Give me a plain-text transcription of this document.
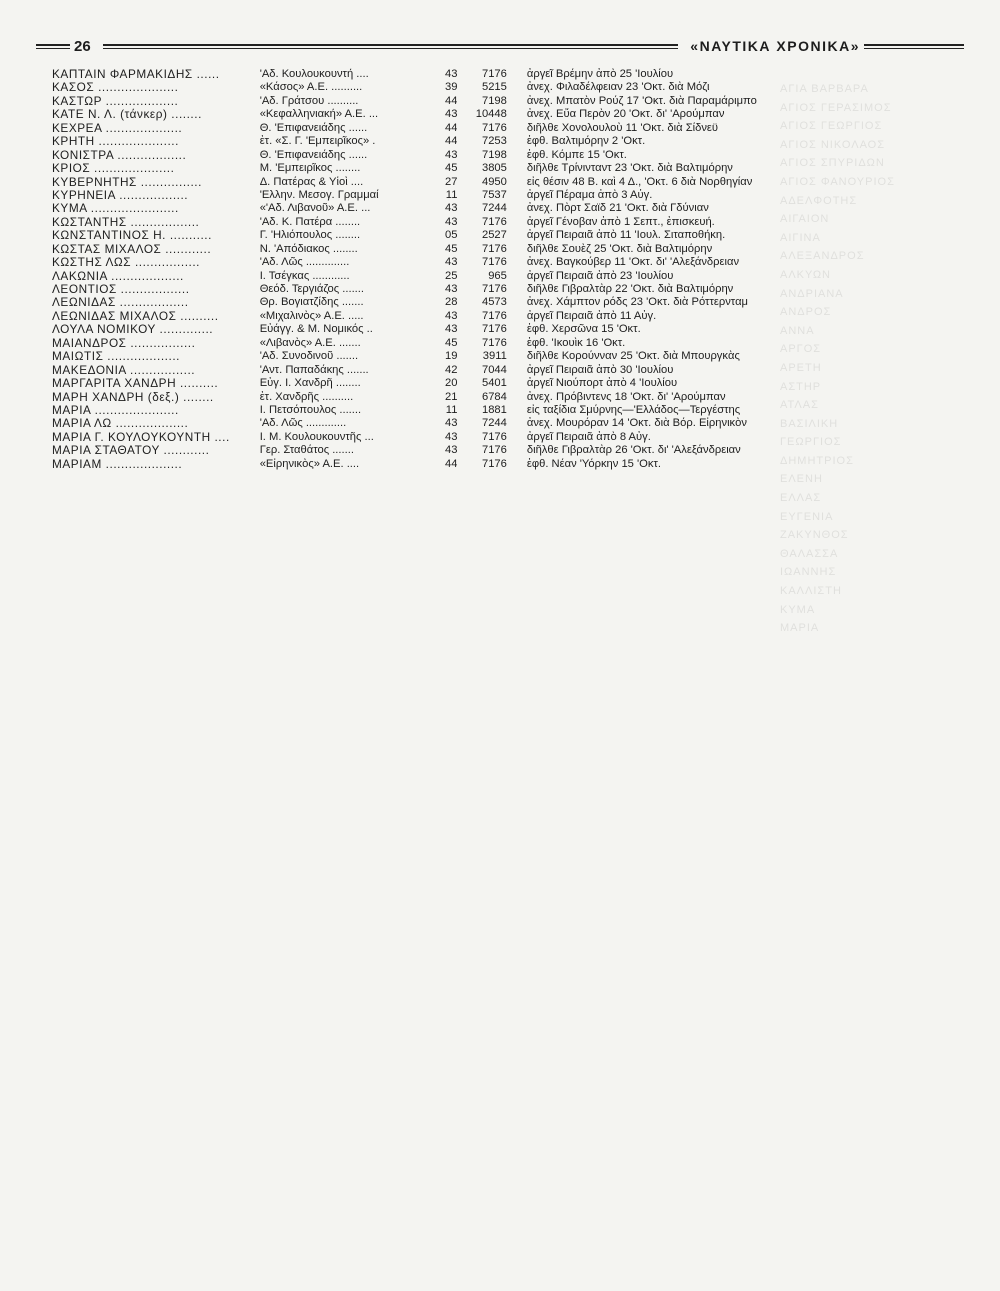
ΑΓΙΑ ΒΑΡΒΑΡΑ
ΑΓΙΟΣ ΓΕΡΑΣΙΜΟΣ
ΑΓΙΟΣ ΓΕΩΡΓΙΟΣ
ΑΓΙΟΣ ΝΙΚΟΛΑΟΣ
ΑΓΙΟΣ ΣΠΥΡΙΔΩΝ
ΑΓΙΟΣ ΦΑΝΟΥΡΙΟΣ
ΑΔΕΛΦΟΤΗΣ
ΑΙΓΑΙΟΝ
ΑΙΓΙΝΑ
ΑΛΕΞΑΝΔΡΟΣ
ΑΛΚΥΩΝ
ΑΝΔΡΙΑΝΑ
ΑΝΔΡΟΣ
ΑΝΝΑ
ΑΡΓΟΣ
ΑΡΕΤΗ
ΑΣΤΗΡ
ΑΤΛΑΣ
ΒΑΣΙΛΙΚΗ
ΓΕΩΡΓΙΟΣ
ΔΗΜΗΤΡΙΟΣ
ΕΛΕΝΗ
ΕΛΛΑΣ
ΕΥΓΕΝΙΑ
ΖΑΚΥΝΘΟΣ
ΘΑΛΑΣΣΑ
ΙΩΑΝΝΗΣ
ΚΑΛΛΙΣΤΗ
ΚΥΜΑ
ΜΑΡΙΑ
26	«ΝΑΥΤΙΚΑ ΧΡΟΝΙΚΑ»
ΚΑΠΤΑΙΝ ΦΑΡΜΑΚΙΔΗΣ ......	'Αδ. Κουλουκουντή ....	43	7176	ἀργεῖ Βρέμην ἀπὸ 25 'Ιουλίου
ΚΑΣΟΣ .....................	«Κάσος» Α.Ε. ..........	39	5215	ἀνεχ. Φιλαδέλφειαν 23 'Οκτ. διὰ Μόζι
ΚΑΣΤΩΡ ...................	'Αδ. Γράτσου ..........	44	7198	ἀνεχ. Μπατὸν Ρούζ 17 'Οκτ. διὰ Παραμάριμπο
ΚΑΤΕ Ν. Λ. (τάνκερ) ........	«Κεφαλληνιακή» Α.Ε. ...	43	10448	ἀνεχ. Εὔα Περὸν 20 'Οκτ. δι' 'Αρούμπαν
ΚΕΧΡΕΑ ....................	Θ. 'Επιφανειάδης ......	44	7176	διῆλθε Χονολουλοὺ 11 'Οκτ. διὰ Σίδνεϋ
ΚΡΗΤΗ .....................	ἐτ. «Σ. Γ. 'Εμπειρῖκος» .	44	7253	ἐφθ. Βαλτιμόρην 2 'Οκτ.
ΚΟΝΙΣΤΡΑ ..................	Θ. 'Επιφανειάδης ......	43	7198	ἐφθ. Κόμπε 15 'Οκτ.
ΚΡΙΟΣ .....................	Μ. 'Εμπειρῖκος ........	45	3805	διῆλθε Τρίνινταντ 23 'Οκτ. διὰ Βαλτιμόρην
ΚΥΒΕΡΝΗΤΗΣ ................	Δ. Πατέρας & Υἱοὶ ....	27	4950	εἰς θέσιν 48 Β. καὶ 4 Δ., 'Οκτ. 6 διὰ Νορθηγίαν
ΚΥΡΗΝΕΙΑ ..................	'Ελλην. Μεσογ. Γραμμαί	11	7537	ἀργεῖ Πέραμα ἀπὸ 3 Αὐγ.
ΚΥΜΑ .......................	«'Αδ. Λιβανοῦ» Α.Ε. ...	43	7244	ἀνεχ. Πὸρτ Σαϊδ 21 'Οκτ. διὰ Γδύνιαν
ΚΩΣΤΑΝΤΗΣ ..................	'Αδ. Κ. Πατέρα ........	43	7176	ἀργεῖ Γένοβαν ἀπὸ 1 Σεπτ., ἐπισκευή.
ΚΩΝΣΤΑΝΤΙΝΟΣ Η. ...........	Γ. 'Ηλιόπουλος ........	05	2527	ἀργεῖ Πειραιᾶ ἀπὸ 11 'Ιουλ. Σιταποθήκη.
ΚΩΣΤΑΣ ΜΙΧΑΛΟΣ ............	Ν. 'Απόδιακος ........	45	7176	διῆλθε Σουὲζ 25 'Οκτ. διὰ Βαλτιμόρην
ΚΩΣΤΗΣ ΛΩΣ .................	'Αδ. Λῶς ..............	43	7176	ἀνεχ. Βαγκούβερ 11 'Οκτ. δι' 'Αλεξάνδρειαν
ΛΑΚΩΝΙΑ ...................	Ι. Τσέγκας ............	25	965	ἀργεῖ Πειραιᾶ ἀπὸ 23 'Ιουλίου
ΛΕΟΝΤΙΟΣ ..................	Θεόδ. Τεργιάζος .......	43	7176	διῆλθε Γιβραλτὰρ 22 'Οκτ. διὰ Βαλτιμόρην
ΛΕΩΝΙΔΑΣ ..................	Θρ. Βογιατζίδης .......	28	4573	ἀνεχ. Χάμπτον ρόδς 23 'Οκτ. διὰ Ρόττερνταμ
ΛΕΩΝΙΔΑΣ ΜΙΧΑΛΟΣ ..........	«Μιχαλινὸς» Α.Ε. .....	43	7176	ἀργεῖ Πειραιᾶ ἀπὸ 11 Αὐγ.
ΛΟΥΛΑ ΝΟΜΙΚΟΥ ..............	Εὐάγγ. & Μ. Νομικός ..	43	7176	ἐφθ. Χερσῶνα 15 'Οκτ.
ΜΑΙΑΝΔΡΟΣ .................	«Λιβανὸς» Α.Ε. .......	45	7176	ἐφθ. 'Ικουὶκ 16 'Οκτ.
ΜΑΙΩΤΙΣ ...................	'Αδ. Συνοδινοῦ .......	19	3911	διῆλθε Κορούνναν 25 'Οκτ. διὰ Μπουργκὰς
ΜΑΚΕΔΟΝΙΑ .................	'Αντ. Παπαδάκης .......	42	7044	ἀργεῖ Πειραιᾶ ἀπὸ 30 'Ιουλίου
ΜΑΡΓΑΡΙΤΑ ΧΑΝΔΡΗ ..........	Εὐγ. Ι. Χανδρῆ ........	20	5401	ἀργεῖ Νιούπορτ ἀπὸ 4 'Ιουλίου
ΜΑΡΗ ΧΑΝΔΡΗ (δεξ.) ........	ἐτ. Χανδρῆς ..........	21	6784	ἀνεχ. Πρόβιντενς 18 'Οκτ. δι' 'Αρούμπαν
ΜΑΡΙΑ ......................	Ι. Πετσόπουλος .......	11	1881	εἰς ταξίδια Σμύρνης—'Ελλάδος—Τεργέστης
ΜΑΡΙΑ ΛΩ ...................	'Αδ. Λῶς .............	43	7244	ἀνεχ. Μουρόραν 14 'Οκτ. διὰ Βόρ. Εἰρηνικὸν
ΜΑΡΙΑ Γ. ΚΟΥΛΟΥΚΟΥΝΤΗ ....	Ι. Μ. Κουλουκουντῆς ...	43	7176	ἀργεῖ Πειραιᾶ ἀπὸ 8 Αὐγ.
ΜΑΡΙΑ ΣΤΑΘΑΤΟΥ ............	Γερ. Σταθάτος .......	43	7176	διῆλθε Γιβραλτὰρ 26 'Οκτ. δι' 'Αλεξάνδρειαν
ΜΑΡΙΑΜ ....................	«Εἰρηνικὸς» Α.Ε. ....	44	7176	ἐφθ. Νέαν 'Υόρκην 15 'Οκτ.
